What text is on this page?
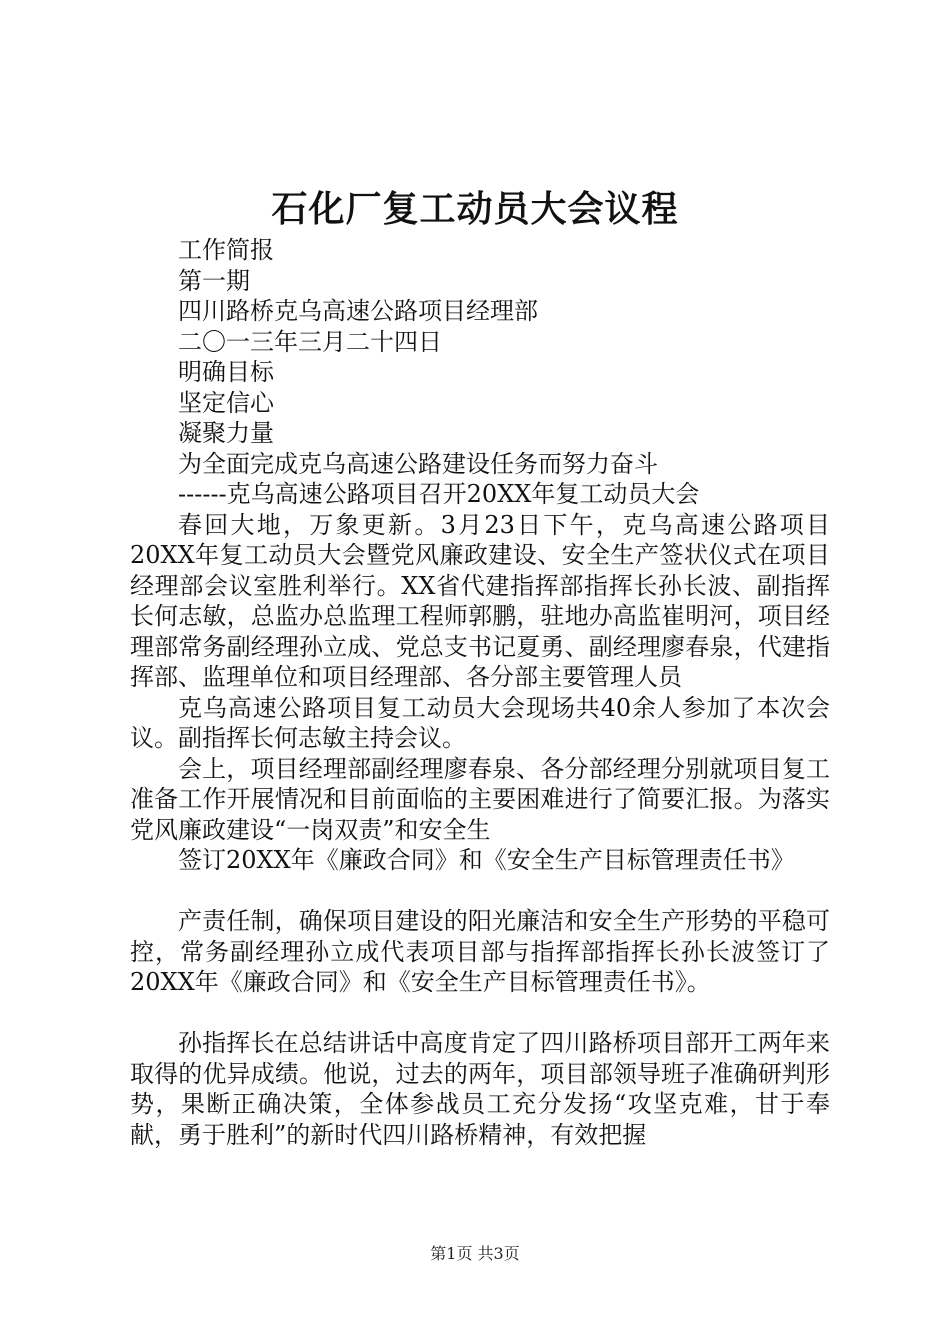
石化厂复工动员大会议程

工作简报

第一期

四川路桥克乌高速公路项目经理部

二〇一三年三月二十四日

明确目标

坚定信心

凝聚力量

为全面完成克乌高速公路建设任务而努力奋斗

------克乌高速公路项目召开20XX年复工动员大会

春回大地，万象更新。3月23日下午，克乌高速公路项目20XX年复工动员大会暨党风廉政建设、安全生产签状仪式在项目经理部会议室胜利举行。XX省代建指挥部指挥长孙长波、副指挥长何志敏，总监办总监理工程师郭鹏，驻地办高监崔明河，项目经理部常务副经理孙立成、党总支书记夏勇、副经理廖春泉，代建指挥部、监理单位和项目经理部、各分部主要管理人员

克乌高速公路项目复工动员大会现场共40余人参加了本次会议。副指挥长何志敏主持会议。

会上，项目经理部副经理廖春泉、各分部经理分别就项目复工准备工作开展情况和目前面临的主要困难进行了简要汇报。为落实党风廉政建设“一岗双责”和安全生

签订20XX年《廉政合同》和《安全生产目标管理责任书》

产责任制，确保项目建设的阳光廉洁和安全生产形势的平稳可控，常务副经理孙立成代表项目部与指挥部指挥长孙长波签订了20XX年《廉政合同》和《安全生产目标管理责任书》。

孙指挥长在总结讲话中高度肯定了四川路桥项目部开工两年来取得的优异成绩。他说，过去的两年，项目部领导班子准确研判形势，果断正确决策，全体参战员工充分发扬“攻坚克难，甘于奉献，勇于胜利”的新时代四川路桥精神，有效把握

第1页 共3页
